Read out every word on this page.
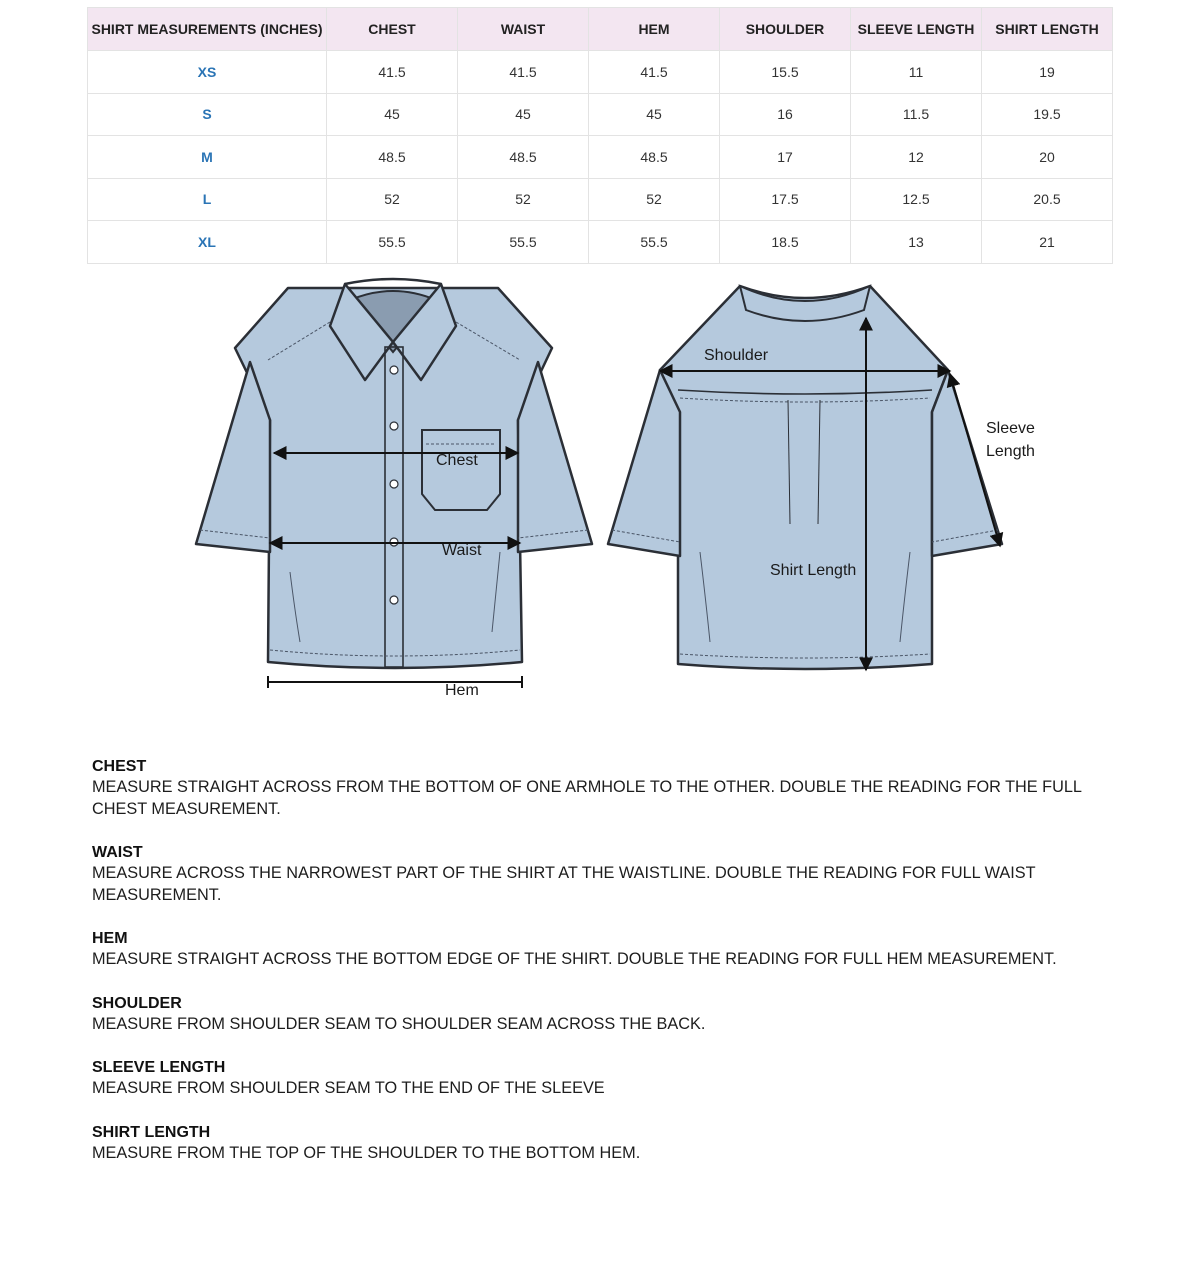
SHIRT MEASUREMENTS (INCHES)	CHEST	WAIST	HEM	SHOULDER	SLEEVE LENGTH	SHIRT LENGTH
XS	41.5	41.5	41.5	15.5	11	19
S	45	45	45	16	11.5	19.5
M	48.5	48.5	48.5	17	12	20
L	52	52	52	17.5	12.5	20.5
XL	55.5	55.5	55.5	18.5	13	21
Chest
Waist
Hem
Shoulder
Sleeve
Length
Shirt Length
CHEST
MEASURE STRAIGHT ACROSS FROM THE BOTTOM OF ONE ARMHOLE TO THE OTHER. DOUBLE THE READING FOR THE FULL CHEST MEASUREMENT.
WAIST
MEASURE ACROSS THE NARROWEST PART OF THE SHIRT AT THE WAISTLINE. DOUBLE THE READING FOR FULL WAIST MEASUREMENT.
HEM
MEASURE STRAIGHT ACROSS THE BOTTOM EDGE OF THE SHIRT. DOUBLE THE READING FOR FULL HEM MEASUREMENT.
SHOULDER
MEASURE FROM SHOULDER SEAM TO SHOULDER SEAM ACROSS THE BACK.
SLEEVE LENGTH
MEASURE FROM SHOULDER SEAM TO THE END OF THE SLEEVE
SHIRT LENGTH
MEASURE FROM THE TOP OF THE SHOULDER TO THE BOTTOM HEM.
